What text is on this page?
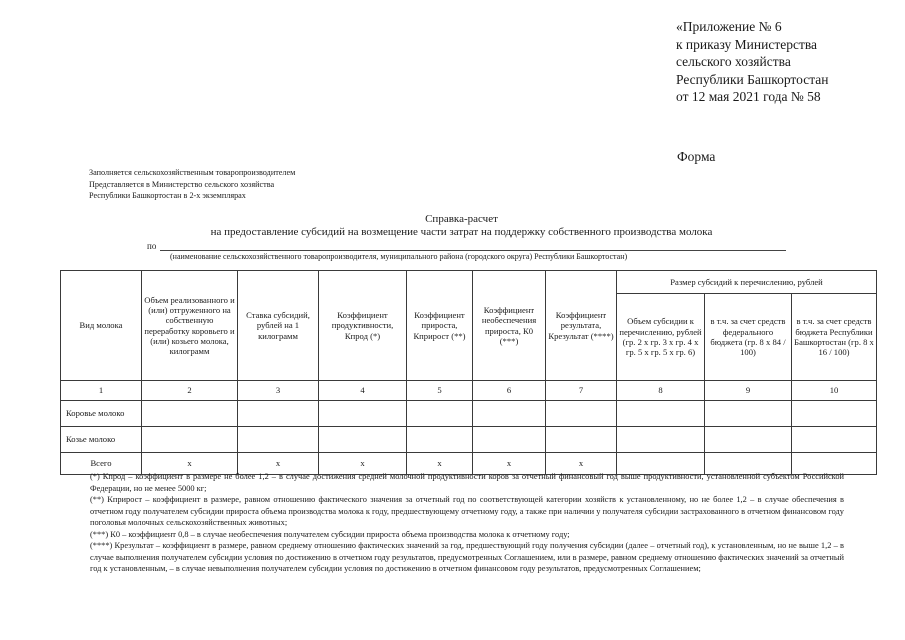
«Приложение № 6
к приказу Министерства
сельского хозяйства
Республики Башкортостан
от 12 мая 2021 года № 58
Форма
Заполняется сельскохозяйственным товаропроизводителем
Представляется в Министерство сельского хозяйства
Республики Башкортостан в 2-х экземплярах
Справка-расчет
на предоставление субсидий на возмещение части затрат на поддержку собственного производства молока
по
(наименование сельскохозяйственного товаропроизводителя, муниципального района (городского округа) Республики Башкортостан)
Вид молока	Объем реализованного и (или) отгруженного на собственную переработку коровьего и (или) козьего молока, килограмм	Ставка субсидий, рублей на 1 килограмм	Коэффициент продуктивности, Кпрод (*)	Коэффициент прироста, Кприрост (**)	Коэффициент необеспечения прироста, К0 (***)	Коэффициент результата, Крезультат (****)	Размер субсидий к перечислению, рублей		
							Объем субсидии к перечислению, рублей (гр. 2 х гр. 3 х гр. 4 х гр. 5 х гр. 5 х гр. 6)	в т.ч. за счет средств федерального бюджета (гр. 8 х 84 / 100)	в т.ч. за счет средств бюджета Республики Башкортостан (гр. 8 х 16 / 100)
1	2	3	4	5	6	7	8	9	10
Коровье молоко									
Козье молоко									
Всего	х	х	х	х	х	х			
(*) Кпрод – коэффициент в размере не более 1,2 – в случае достижения средней молочной продуктивности коров за отчетный финансовый год выше продуктивности, установленной субъектом Российской Федерации, но не менее 5000 кг;
(**) Кприрост – коэффициент в размере, равном отношению фактического значения за отчетный год по соответствующей категории хозяйств к установленному, но не более 1,2 – в случае обеспечения в отчетном году получателем субсидии прироста объема производства молока к году, предшествующему отчетному году, а также при наличии у получателя субсидии застрахованного в отчетном финансовом году поголовья молочных сельскохозяйственных животных;
(***) К0 – коэффициент 0,8 – в случае необеспечения получателем субсидии прироста объема производства молока к отчетному году;
(****) Крезультат – коэффициент в размере, равном среднему отношению фактических значений за год, предшествующий году получения субсидии (далее – отчетный год), к установленным, но не выше 1,2 – в случае выполнения получателем субсидии условия по достижению в отчетном году результатов, предусмотренных Соглашением, или в размере, равном среднему отношению фактических значений за отчетный год к установленным, – в случае невыполнения получателем субсидии условия по достижению в отчетном финансовом году результатов, предусмотренных Соглашением;
